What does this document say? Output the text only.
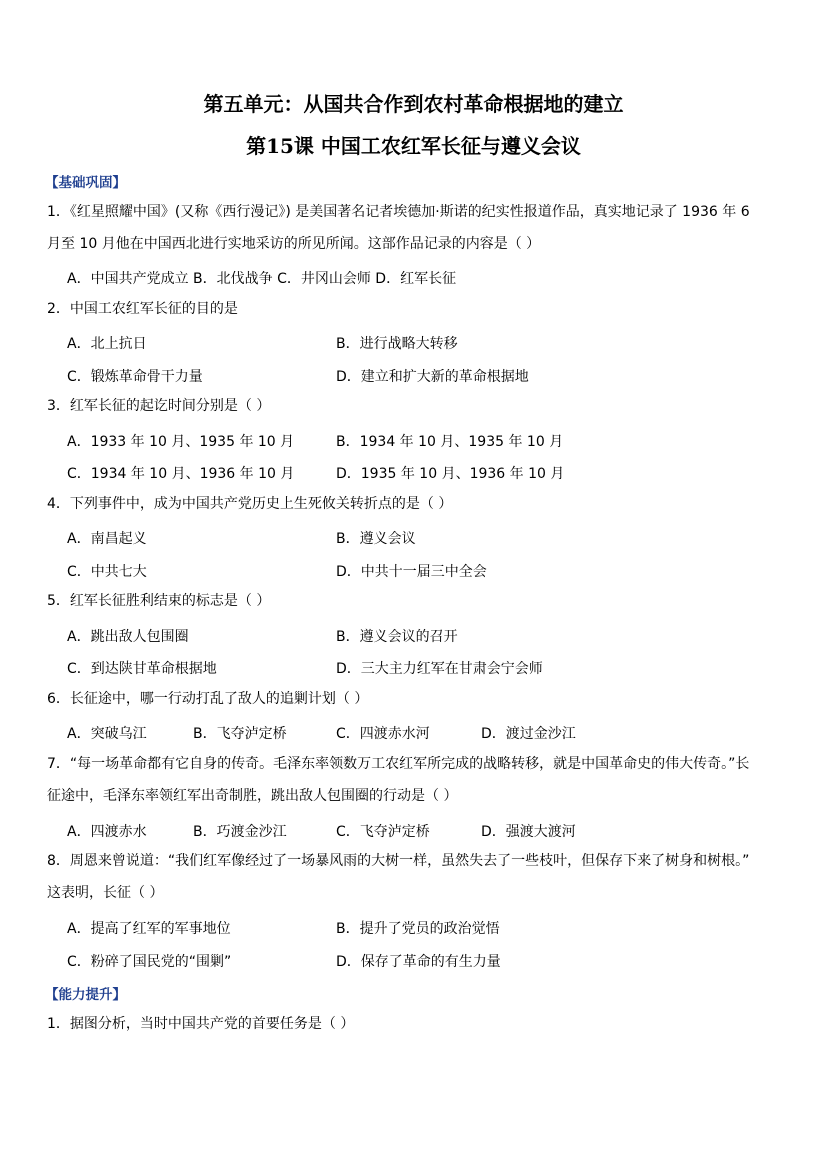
第五单元：从国共合作到农村革命根据地的建立
第15课 中国工农红军长征与遵义会议
【基础巩固】
1．《红星照耀中国》(又称《西行漫记》) 是美国著名记者埃德加·斯诺的纪实性报道作品，真实地记录了 1936 年 6
月至 10 月他在中国西北进行实地采访的所见所闻。这部作品记录的内容是（ ）
A．中国共产党成立 B．北伐战争 C．井冈山会师 D．红军长征
2．中国工农红军长征的目的是
A．北上抗日	B．进行战略大转移
C．锻炼革命骨干力量	D．建立和扩大新的革命根据地
3．红军长征的起讫时间分别是（ ）
A．1933 年 10 月、1935 年 10 月	B．1934 年 10 月、1935 年 10 月
C．1934 年 10 月、1936 年 10 月	D．1935 年 10 月、1936 年 10 月
4．下列事件中，成为中国共产党历史上生死攸关转折点的是（ ）
A．南昌起义	B．遵义会议
C．中共七大	D．中共十一届三中全会
5．红军长征胜利结束的标志是（ ）
A．跳出敌人包围圈	B．遵义会议的召开
C．到达陕甘革命根据地	D．三大主力红军在甘肃会宁会师
6．长征途中，哪一行动打乱了敌人的追剿计划（ ）
A．突破乌江	B．飞夺泸定桥	C．四渡赤水河	D．渡过金沙江
7．“每一场革命都有它自身的传奇。毛泽东率领数万工农红军所完成的战略转移，就是中国革命史的伟大传奇。”长
征途中，毛泽东率领红军出奇制胜，跳出敌人包围圈的行动是（ ）
A．四渡赤水	B．巧渡金沙江	C．飞夺泸定桥	D．强渡大渡河
8．周恩来曾说道：“我们红军像经过了一场暴风雨的大树一样，虽然失去了一些枝叶，但保存下来了树身和树根。”
这表明，长征（ ）
A．提高了红军的军事地位	B．提升了党员的政治觉悟
C．粉碎了国民党的“围剿”	D．保存了革命的有生力量
【能力提升】
1．据图分析，当时中国共产党的首要任务是（ ）
